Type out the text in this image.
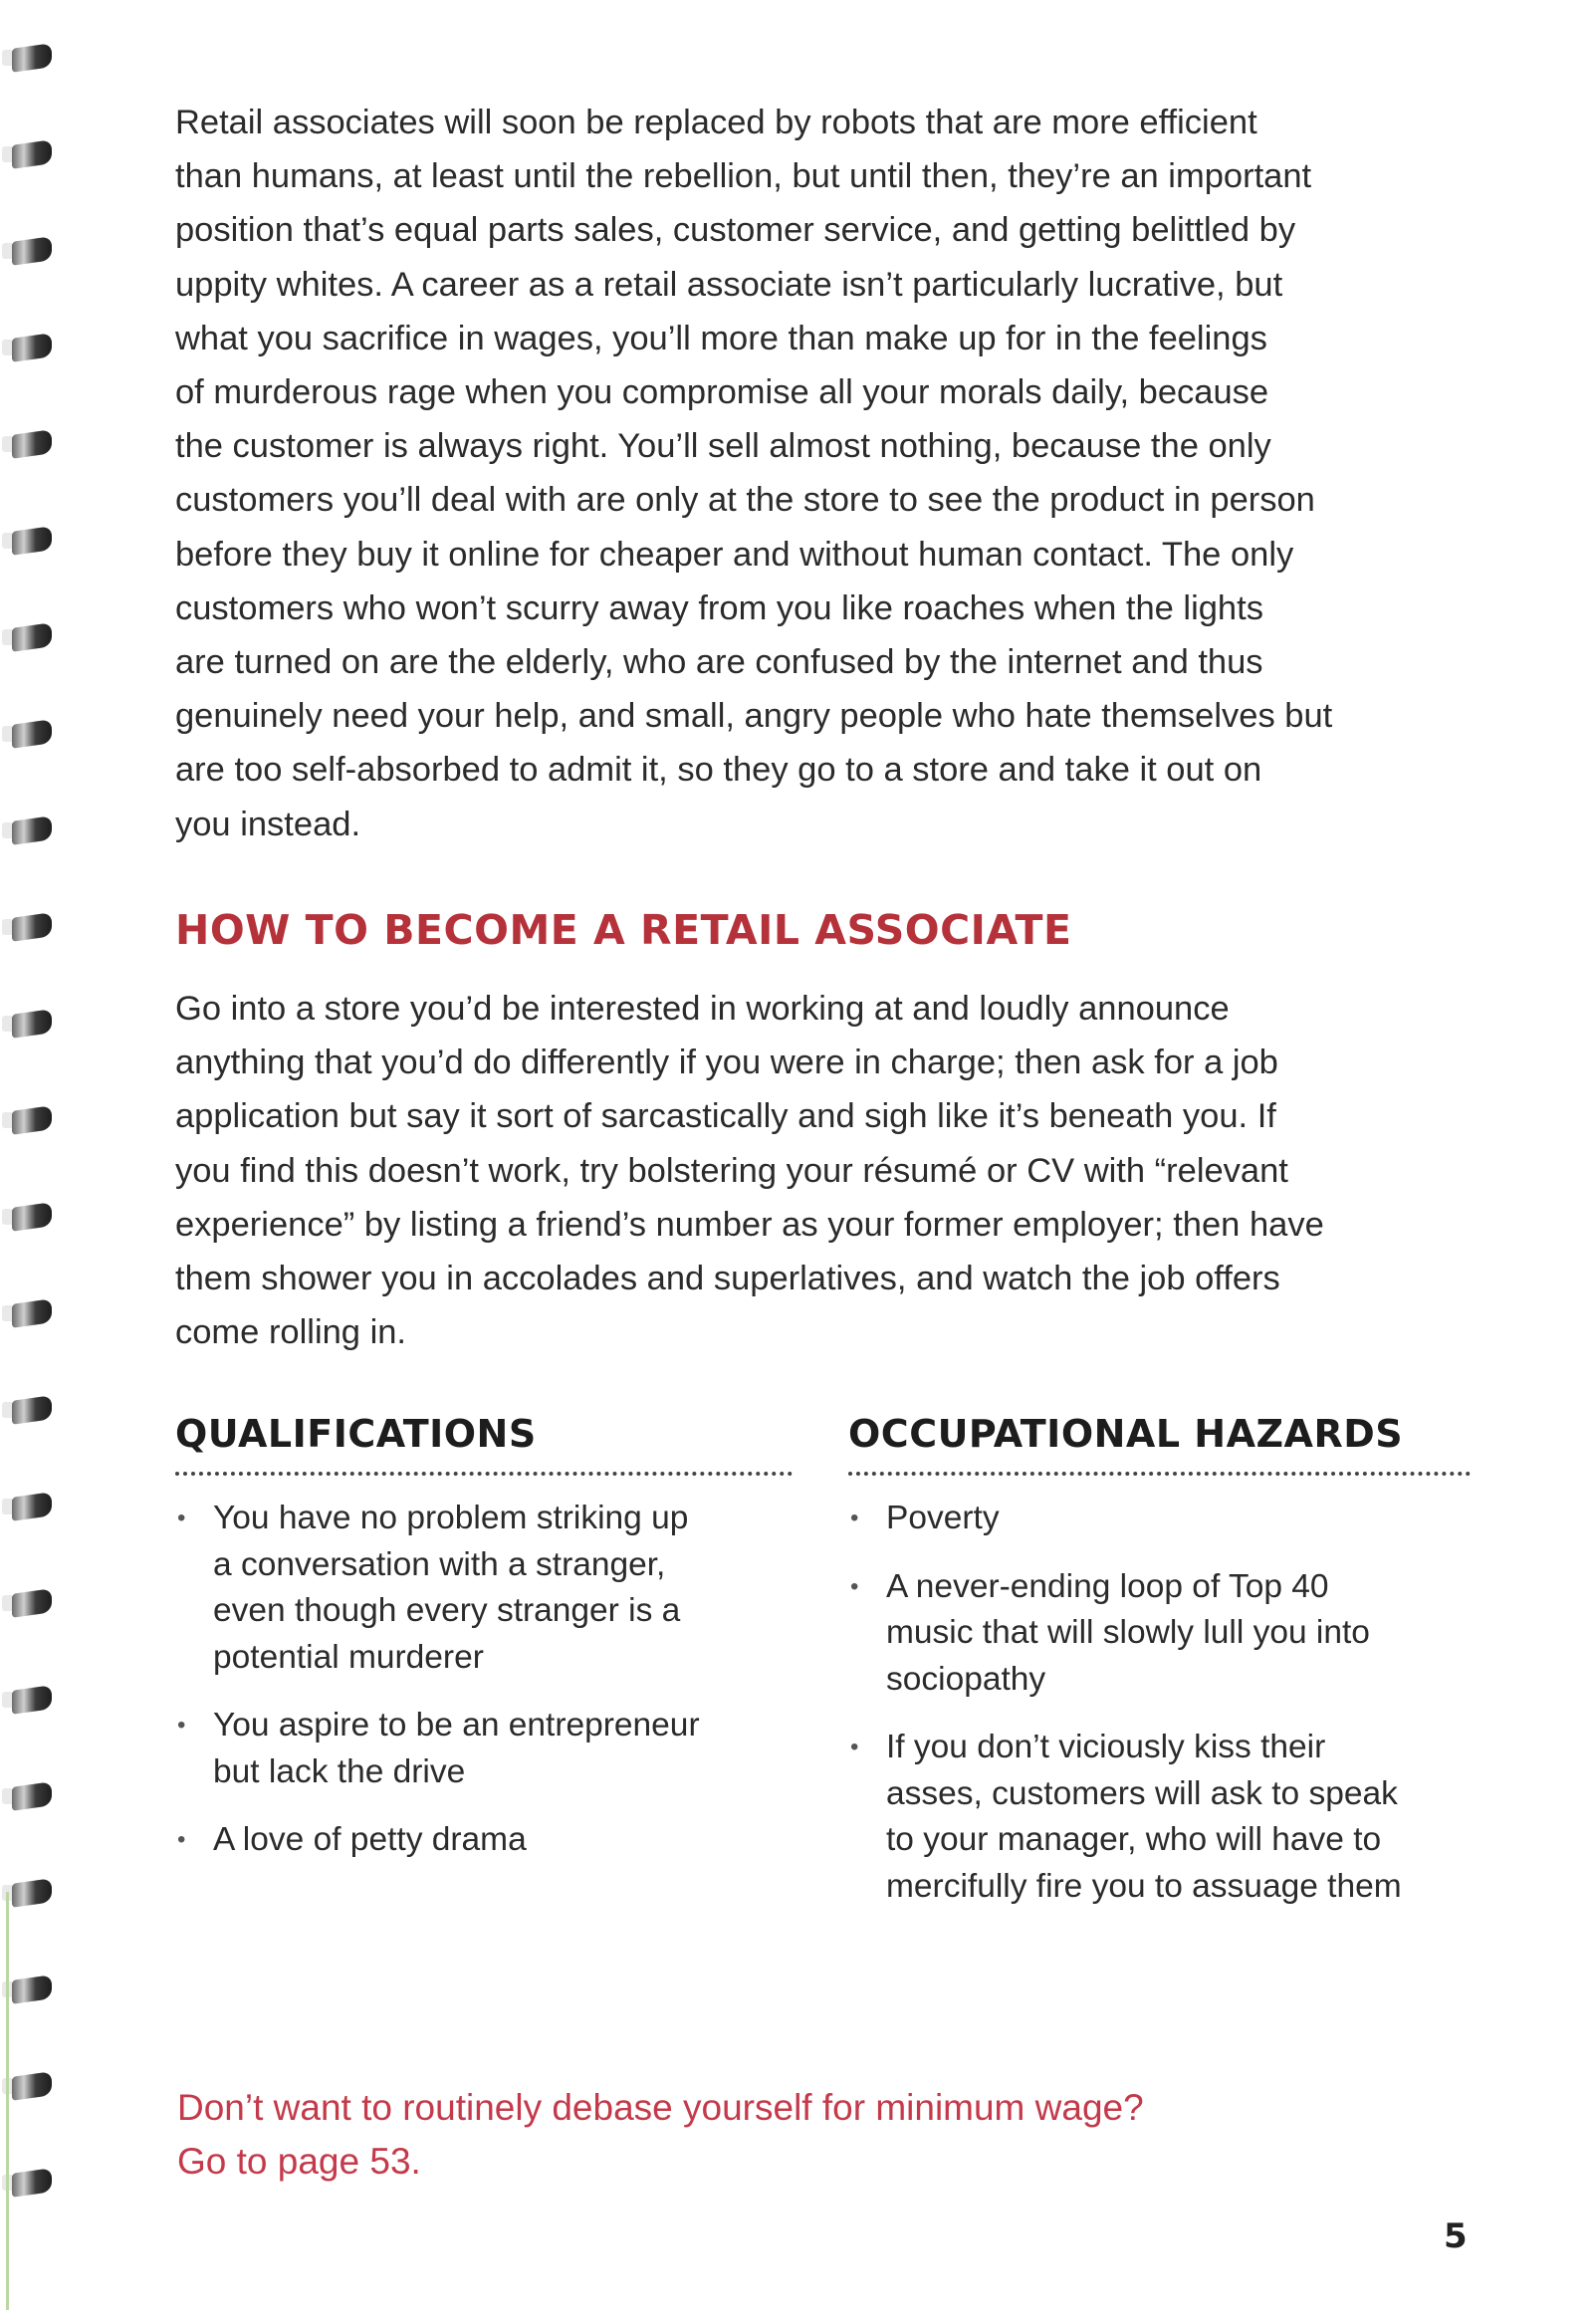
Retail associates will soon be replaced by robots that are more efficient
than humans, at least until the rebellion, but until then, they’re an important
position that’s equal parts sales, customer service, and getting belittled by
uppity whites. A career as a retail associate isn’t particularly lucrative, but
what you sacrifice in wages, you’ll more than make up for in the feelings
of murderous rage when you compromise all your morals daily, because
the customer is always right. You’ll sell almost nothing, because the only
customers you’ll deal with are only at the store to see the product in person
before they buy it online for cheaper and without human contact. The only
customers who won’t scurry away from you like roaches when the lights
are turned on are the elderly, who are confused by the internet and thus
genuinely need your help, and small, angry people who hate themselves but
are too self-absorbed to admit it, so they go to a store and take it out on
you instead.

HOW TO BECOME A RETAIL ASSOCIATE

Go into a store you’d be interested in working at and loudly announce
anything that you’d do differently if you were in charge; then ask for a job
application but say it sort of sarcastically and sigh like it’s beneath you. If
you find this doesn’t work, try bolstering your résumé or CV with “relevant
experience” by listing a friend’s number as your former employer; then have
them shower you in accolades and superlatives, and watch the job offers
come rolling in.

QUALIFICATIONS
• You have no problem striking up
a conversation with a stranger,
even though every stranger is a
potential murderer
• You aspire to be an entrepreneur
but lack the drive
• A love of petty drama
OCCUPATIONAL HAZARDS
• Poverty
• A never-ending loop of Top 40
music that will slowly lull you into
sociopathy
• If you don’t viciously kiss their
asses, customers will ask to speak
to your manager, who will have to
mercifully fire you to assuage them

Don’t want to routinely debase yourself for minimum wage?
Go to page 53.

5
